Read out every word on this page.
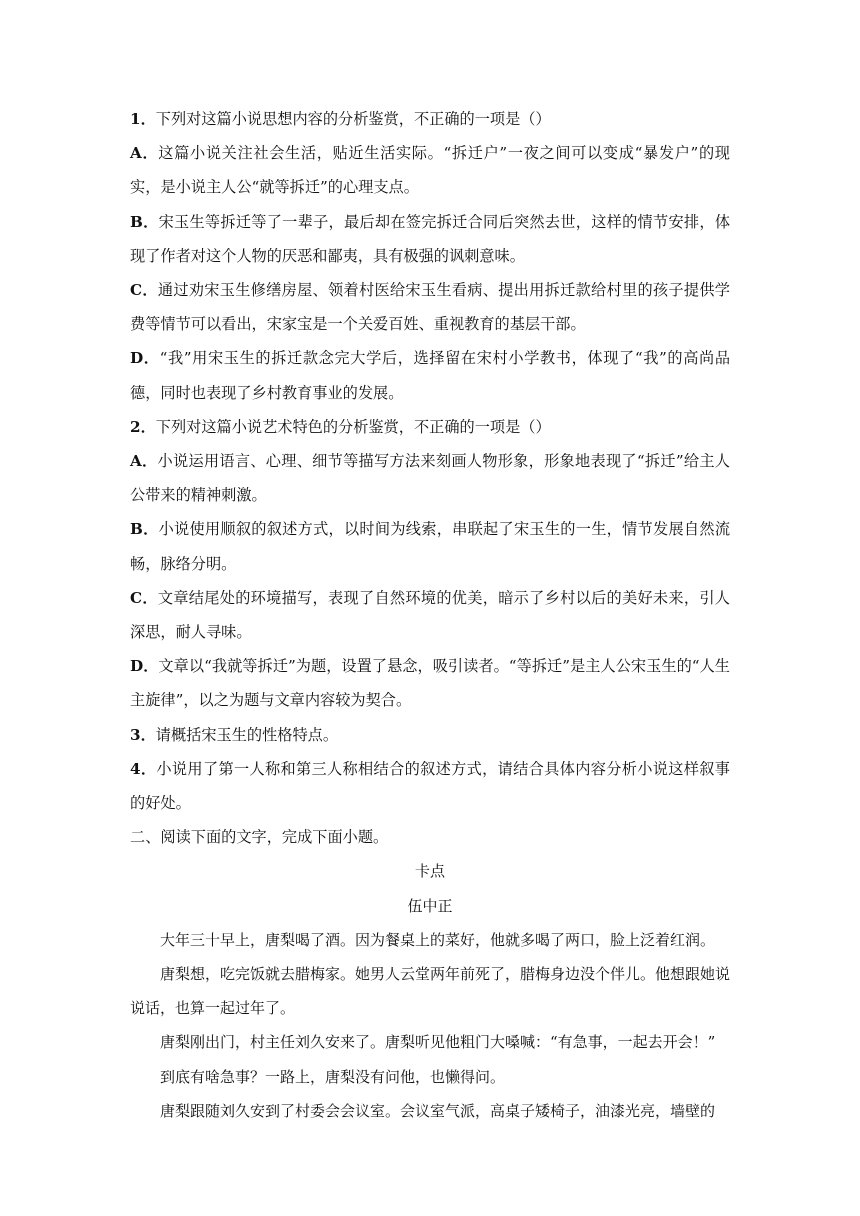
1．下列对这篇小说思想内容的分析鉴赏，不正确的一项是（）

A．这篇小说关注社会生活，贴近生活实际。“拆迁户”一夜之间可以变成“暴发户”的现实，是小说主人公“就等拆迁”的心理支点。

B．宋玉生等拆迁等了一辈子，最后却在签完拆迁合同后突然去世，这样的情节安排，体现了作者对这个人物的厌恶和鄙夷，具有极强的讽刺意味。

C．通过劝宋玉生修缮房屋、领着村医给宋玉生看病、提出用拆迁款给村里的孩子提供学费等情节可以看出，宋家宝是一个关爱百姓、重视教育的基层干部。

D．“我”用宋玉生的拆迁款念完大学后，选择留在宋村小学教书，体现了“我”的高尚品德，同时也表现了乡村教育事业的发展。

2．下列对这篇小说艺术特色的分析鉴赏，不正确的一项是（）

A．小说运用语言、心理、细节等描写方法来刻画人物形象，形象地表现了“拆迁”给主人公带来的精神刺激。

B．小说使用顺叙的叙述方式，以时间为线索，串联起了宋玉生的一生，情节发展自然流畅，脉络分明。

C．文章结尾处的环境描写，表现了自然环境的优美，暗示了乡村以后的美好未来，引人深思，耐人寻味。

D．文章以“我就等拆迁”为题，设置了悬念，吸引读者。“等拆迁”是主人公宋玉生的“人生主旋律”，以之为题与文章内容较为契合。

3．请概括宋玉生的性格特点。

4．小说用了第一人称和第三人称相结合的叙述方式，请结合具体内容分析小说这样叙事的好处。

二、阅读下面的文字，完成下面小题。

卡点

伍中正

大年三十早上，唐梨喝了酒。因为餐桌上的菜好，他就多喝了两口，脸上泛着红润。

唐梨想，吃完饭就去腊梅家。她男人云堂两年前死了，腊梅身边没个伴儿。他想跟她说说话，也算一起过年了。

唐梨刚出门，村主任刘久安来了。唐梨听见他粗门大嗓喊：“有急事，一起去开会！”

到底有啥急事？一路上，唐梨没有问他，也懒得问。

唐梨跟随刘久安到了村委会会议室。会议室气派，高桌子矮椅子，油漆光亮，墙壁的
